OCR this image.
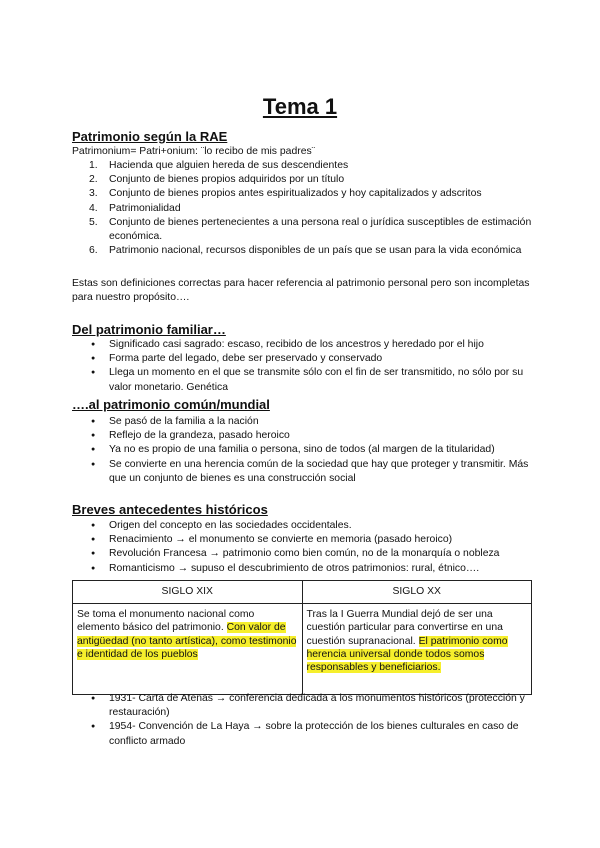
Tema 1
Patrimonio según la RAE
Patrimonium= Patri+onium: ¨lo recibo de mis padres¨
1. Hacienda que alguien hereda de sus descendientes
2. Conjunto de bienes propios adquiridos por un título
3. Conjunto de bienes propios antes espiritualizados y hoy capitalizados y adscritos
4. Patrimonialidad
5. Conjunto de bienes pertenecientes a una persona real o jurídica susceptibles de estimación económica.
6. Patrimonio nacional, recursos disponibles de un país que se usan para la vida económica
Estas son definiciones correctas para hacer referencia al patrimonio personal pero son incompletas para nuestro propósito….
Del patrimonio familiar…
● Significado casi sagrado: escaso, recibido de los ancestros y heredado por el hijo
● Forma parte del legado, debe ser preservado y conservado
● Llega un momento en el que se transmite sólo con el fin de ser transmitido, no sólo por su valor monetario. Genética
….al patrimonio común/mundial
● Se pasó de la familia a la nación
● Reflejo de la grandeza, pasado heroico
● Ya no es propio de una familia o persona, sino de todos (al margen de la titularidad)
● Se convierte en una herencia común de la sociedad que hay que proteger y transmitir. Más que un conjunto de bienes es una construcción social
Breves antecedentes históricos
● Origen del concepto en las sociedades occidentales.
● Renacimiento → el monumento se convierte en memoria (pasado heroico)
● Revolución Francesa → patrimonio como bien común, no de la monarquía o nobleza
● Romanticismo → supuso el descubrimiento de otros patrimonios: rural, étnico….
SIGLO XIX	SIGLO XX
Se toma el monumento nacional como elemento básico del patrimonio. Con valor de antigüedad (no tanto artística), como testimonio e identidad de los pueblos	Tras la I Guerra Mundial dejó de ser una cuestión particular para convertirse en una cuestión supranacional. El patrimonio como herencia universal donde todos somos responsables y beneficiarios.
● 1931- Carta de Atenas → conferencia dedicada a los monumentos históricos (protección y restauración)
● 1954- Convención de La Haya → sobre la protección de los bienes culturales en caso de conflicto armado
